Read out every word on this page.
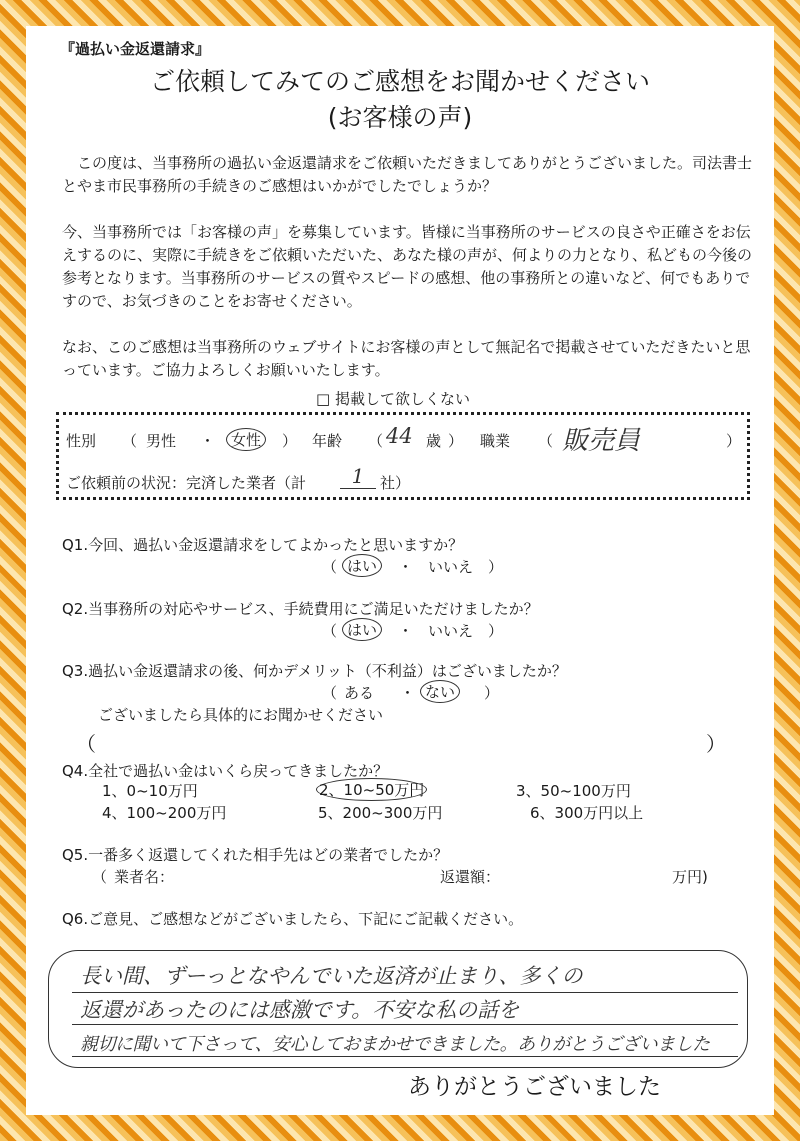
『過払い金返還請求』
ご依頼してみてのご感想をお聞かせください
(お客様の声)

この度は、当事務所の過払い金返還請求をご依頼いただきましてありがとうございました。司法書士とやま市民事務所の手続きのご感想はいかがでしたでしょうか？

今、当事務所では「お客様の声」を募集しています。皆様に当事務所のサービスの良さや正確さをお伝えするのに、実際に手続きをご依頼いただいた、あなた様の声が、何よりの力となり、私どもの今後の参考となります。当事務所のサービスの質やスピードの感想、他の事務所との違いなど、何でもありですので、お気づきのことをお寄せください。

なお、このご感想は当事務所のウェブサイトにお客様の声として無記名で掲載させていただきたいと思っています。ご協力よろしくお願いいたします。

□ 掲載して欲しくない
性別 （ 男性 ・	女性	） 年齢 （ 44 歳 ） 職業 （ 販売員	）
ご依頼前の状況：完済した業者（計	1	社）
Q1.今回、過払い金返還請求をしてよかったと思いますか？
（ はい	・ いいえ ）
Q2.当事務所の対応やサービス、手続費用にご満足いただけましたか？
（ はい	・ いいえ ）
Q3.過払い金返還請求の後、何かデメリット（不利益）はございましたか？
（ ある ・ ない	）
ございましたら具体的にお聞かせください
（	）
Q4.全社で過払い金はいくら戻ってきましたか？
1、0~10万円	2、10~50万円	3、50~100万円
4、100~200万円	5、200~300万円	6、300万円以上
Q5.一番多く返還してくれた相手先はどの業者でしたか？
（ 業者名：	返還額：	万円)
Q6.ご意見、ご感想などがございましたら、下記にご記載ください。
長い間、ずーっとなやんでいた返済が止まり、多くの
返還があったのには感激です。不安な私の話を
親切に聞いて下さって、安心しておまかせできました。ありがとうございました
ありがとうございました
